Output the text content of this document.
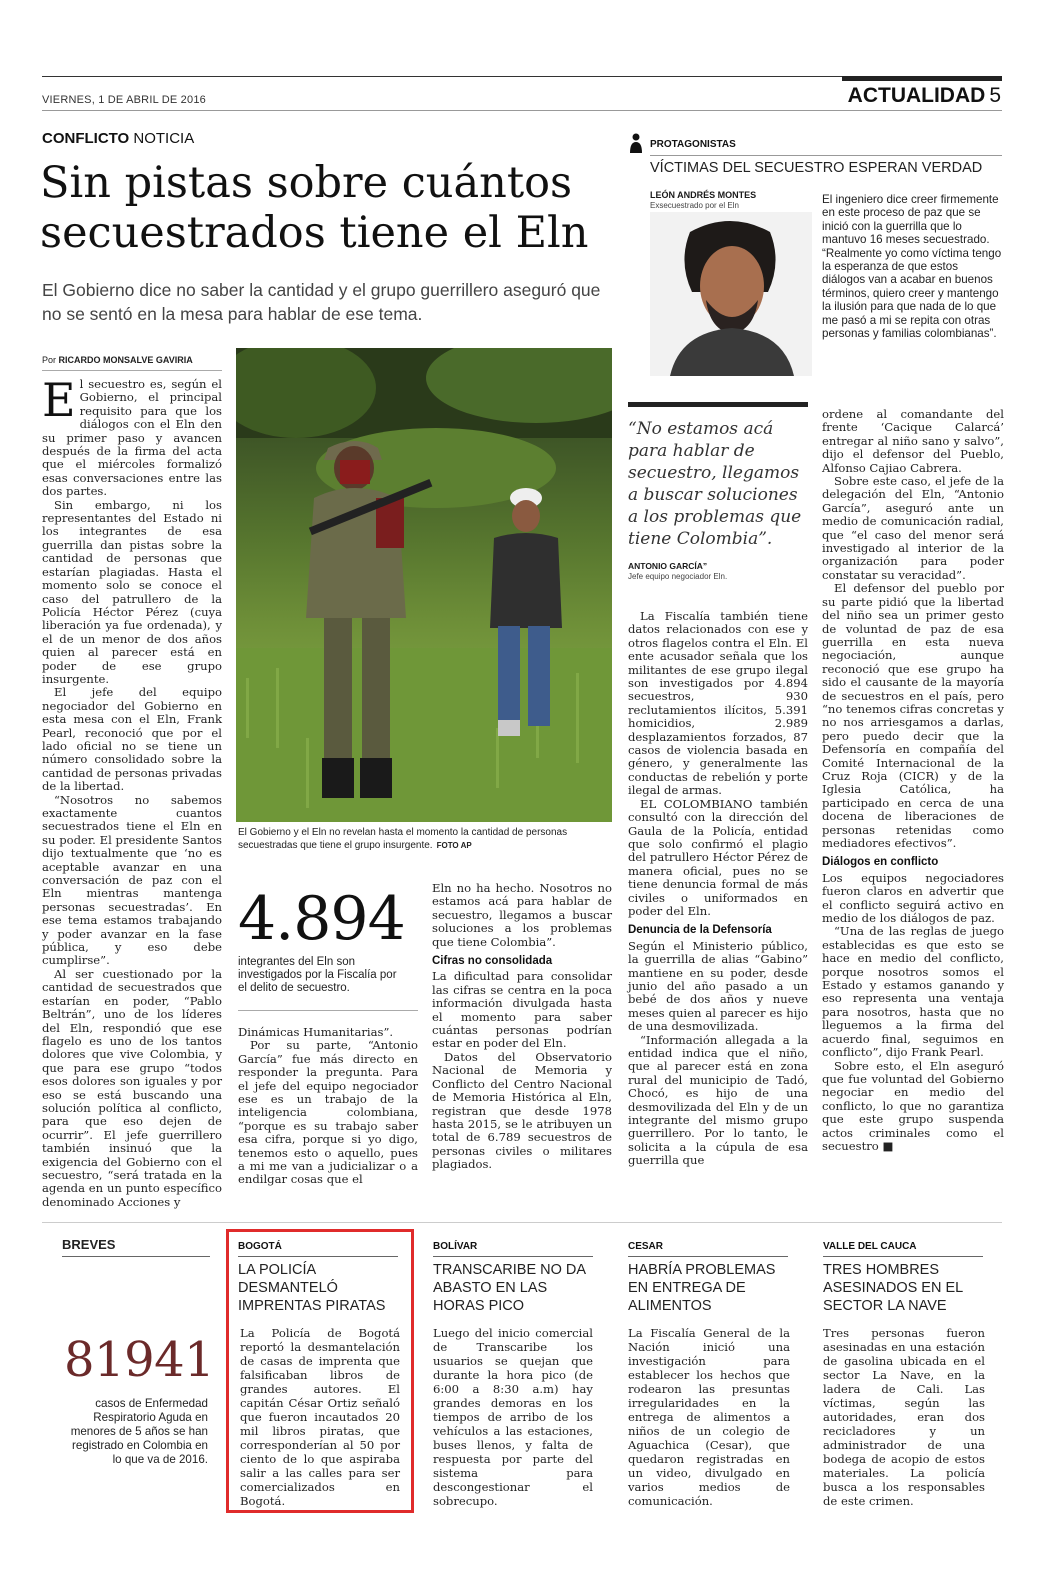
VIERNES, 1 DE ABRIL DE 2016	ACTUALIDAD 5
CONFLICTO NOTICIA
Sin pistas sobre cuántos secuestrados tiene el Eln
El Gobierno dice no saber la cantidad y el grupo guerrillero aseguró que no se sentó en la mesa para hablar de ese tema.
Por RICARDO MONSALVE GAVIRIA

El secuestro es, según el Gobierno, el principal requisito para que los diálogos con el Eln den su primer paso y avancen después de la firma del acta que el miércoles formalizó esas conversaciones entre las dos partes.

Sin embargo, ni los representantes del Estado ni los integrantes de esa guerrilla dan pistas sobre la cantidad de personas que estarían plagiadas. Hasta el momento solo se conoce el caso del patrullero de la Policía Héctor Pérez (cuya liberación ya fue ordenada), y el de un menor de dos años quien al parecer está en poder de ese grupo insurgente.

El jefe del equipo negociador del Gobierno en esta mesa con el Eln, Frank Pearl, reconoció que por el lado oficial no se tiene un número consolidado sobre la cantidad de personas privadas de la libertad.

“Nosotros no sabemos exactamente cuantos secuestrados tiene el Eln en su poder. El presidente Santos dijo textualmente que ‘no es aceptable avanzar en una conversación de paz con el Eln mientras mantenga personas secuestradas’. En ese tema estamos trabajando y poder avanzar en la fase pública, y eso debe cumplirse”.

Al ser cuestionado por la cantidad de secuestrados que estarían en poder, “Pablo Beltrán”, uno de los líderes del Eln, respondió que ese flagelo es uno de los tantos dolores que vive Colombia, y que para ese grupo “todos esos dolores son iguales y por eso se está buscando una solución política al conflicto, para que eso dejen de ocurrir”. El jefe guerrillero también insinuó que la exigencia del Gobierno con el secuestro, “será tratada en la agenda en un punto específico denominado Acciones y

El Gobierno y el Eln no revelan hasta el momento la cantidad de personas secuestradas que tiene el grupo insurgente. FOTO AP
4.894
integrantes del Eln son investigados por la Fiscalía por el delito de secuestro.

Dinámicas Humanitarias”.

Por su parte, “Antonio García” fue más directo en responder la pregunta. Para el jefe del equipo negociador ese es un trabajo de la inteligencia colombiana, “porque es su trabajo saber esa cifra, porque si yo digo, tenemos esto o aquello, pues a mi me van a judicializar o a endilgar cosas que el

Eln no ha hecho. Nosotros no estamos acá para hablar de secuestro, llegamos a buscar soluciones a los problemas que tiene Colombia”.

Cifras no consolidada

La dificultad para consolidar las cifras se centra en la poca información divulgada hasta el momento para saber cuántas personas podrían estar en poder del Eln.

Datos del Observatorio Nacional de Memoria y Conflicto del Centro Nacional de Memoria Histórica al Eln, registran que desde 1978 hasta 2015, se le atribuyen un total de 6.789 secuestros de personas civiles o militares plagiados.

PROTAGONISTAS
VÍCTIMAS DEL SECUESTRO ESPERAN VERDAD
LEÓN ANDRÉS MONTES
Exsecuestrado por el Eln	El ingeniero dice creer firmemente en este proceso de paz que se inició con la guerrilla que lo mantuvo 16 meses secuestrado. “Realmente yo como víctima tengo la esperanza de que estos diálogos van a acabar en buenos términos, quiero creer y mantengo la ilusión para que nada de lo que me pasó a mi se repita con otras personas y familias colombianas”.
“No estamos acá para hablar de secuestro, llegamos a buscar soluciones a los problemas que tiene Colombia”.
ANTONIO GARCÍA”
Jefe equipo negociador Eln.

La Fiscalía también tiene datos relacionados con ese y otros flagelos contra el Eln. El ente acusador señala que los militantes de ese grupo ilegal son investigados por 4.894 secuestros, 930 reclutamientos ilícitos, 5.391 homicidios, 2.989 desplazamientos forzados, 87 casos de violencia basada en género, y generalmente las conductas de rebelión y porte ilegal de armas.

EL COLOMBIANO también consultó con la dirección del Gaula de la Policía, entidad que solo confirmó el plagio del patrullero Héctor Pérez de manera oficial, pues no se tiene denuncia formal de más civiles o uniformados en poder del Eln.

Denuncia de la Defensoría

Según el Ministerio público, la guerrilla de alias “Gabino” mantiene en su poder, desde junio del año pasado a un bebé de dos años y nueve meses quien al parecer es hijo de una desmovilizada.

“Información allegada a la entidad indica que el niño, que al parecer está en zona rural del municipio de Tadó, Chocó, es hijo de una desmovilizada del Eln y de un integrante del mismo grupo guerrillero. Por lo tanto, le solicita a la cúpula de esa guerrilla que

ordene al comandante del frente ‘Cacique Calarcá’ entregar al niño sano y salvo”, dijo el defensor del Pueblo, Alfonso Cajiao Cabrera.

Sobre este caso, el jefe de la delegación del Eln, “Antonio García”, aseguró ante un medio de comunicación radial, que “el caso del menor será investigado al interior de la organización para poder constatar su veracidad”.

El defensor del pueblo por su parte pidió que la libertad del niño sea un primer gesto de voluntad de paz de esa guerrilla en esta nueva negociación, aunque reconoció que ese grupo ha sido el causante de la mayoría de secuestros en el país, pero “no tenemos cifras concretas y no nos arriesgamos a darlas, pero puedo decir que la Defensoría en compañía del Comité Internacional de la Cruz Roja (CICR) y de la Iglesia Católica, ha participado en cerca de una docena de liberaciones de personas retenidas como mediadores efectivos”.

Diálogos en conflicto

Los equipos negociadores fueron claros en advertir que el conflicto seguirá activo en medio de los diálogos de paz.

“Una de las reglas de juego establecidas es que esto se hace en medio del conflicto, porque nosotros somos el Estado y estamos ganando y eso representa una ventaja para nosotros, hasta que no lleguemos a la firma del acuerdo final, seguimos en conflicto”, dijo Frank Pearl.

Sobre esto, el Eln aseguró que fue voluntad del Gobierno negociar en medio del conflicto, lo que no garantiza que este grupo suspenda actos criminales como el secuestro ■

BREVES
81941
casos de Enfermedad Respiratorio Aguda en menores de 5 años se han registrado en Colombia en lo que va de 2016.
BOGOTÁ
LA POLICÍA DESMANTELÓ IMPRENTAS PIRATAS
La Policía de Bogotá reportó la desmantelación de casas de imprenta que falsificaban libros de grandes autores. El capitán César Ortiz señaló que fueron incautados 20 mil libros piratas, que corresponderían al 50 por ciento de lo que aspiraba salir a las calles para ser comercializados en Bogotá.
BOLÍVAR
TRANSCARIBE NO DA ABASTO EN LAS HORAS PICO
Luego del inicio comercial de Transcaribe los usuarios se quejan que durante la hora pico (de 6:00 a 8:30 a.m) hay grandes demoras en los tiempos de arribo de los vehículos a las estaciones, buses llenos, y falta de respuesta por parte del sistema para descongestionar el sobrecupo.
CESAR
HABRÍA PROBLEMAS EN ENTREGA DE ALIMENTOS
La Fiscalía General de la Nación inició una investigación para establecer los hechos que rodearon las presuntas irregularidades en la entrega de alimentos a niños de un colegio de Aguachica (Cesar), que quedaron registradas en un video, divulgado en varios medios de comunicación.
VALLE DEL CAUCA
TRES HOMBRES ASESINADOS EN EL SECTOR LA NAVE
Tres personas fueron asesinadas en una estación de gasolina ubicada en el sector La Nave, en la ladera de Cali. Las víctimas, según las autoridades, eran dos recicladores y un administrador de una bodega de acopio de estos materiales. La policía busca a los responsables de este crimen.
